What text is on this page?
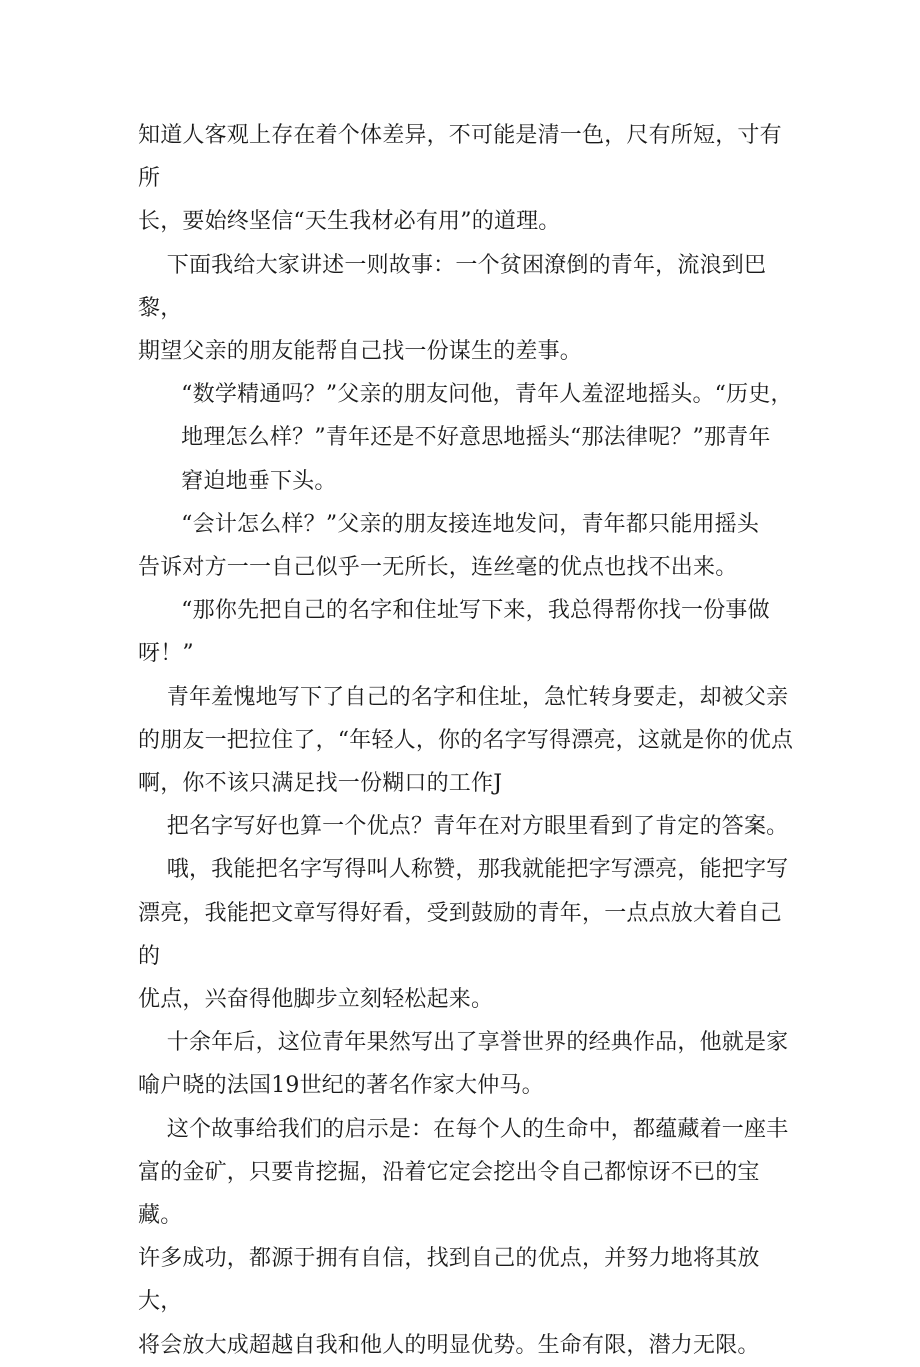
知道人客观上存在着个体差异，不可能是清一色，尺有所短，寸有所
长，要始终坚信“天生我材必有用”的道理。

下面我给大家讲述一则故事：一个贫困潦倒的青年，流浪到巴黎，
期望父亲的朋友能帮自己找一份谋生的差事。

“数学精通吗？”父亲的朋友问他，青年人羞涩地摇头。“历史，
地理怎么样？”青年还是不好意思地摇头“那法律呢？”那青年
窘迫地垂下头。

“会计怎么样？”父亲的朋友接连地发问，青年都只能用摇头
告诉对方一一自己似乎一无所长，连丝毫的优点也找不出来。

“那你先把自己的名字和住址写下来，我总得帮你找一份事做
呀！”

青年羞愧地写下了自己的名字和住址，急忙转身要走，却被父亲
的朋友一把拉住了，“年轻人，你的名字写得漂亮，这就是你的优点
啊，你不该只满足找一份糊口的工作J

把名字写好也算一个优点？青年在对方眼里看到了肯定的答案。

哦，我能把名字写得叫人称赞，那我就能把字写漂亮，能把字写
漂亮，我能把文章写得好看，受到鼓励的青年，一点点放大着自己的
优点，兴奋得他脚步立刻轻松起来。

十余年后，这位青年果然写出了享誉世界的经典作品，他就是家
喻户晓的法国19世纪的著名作家大仲马。

这个故事给我们的启示是：在每个人的生命中，都蕴藏着一座丰
富的金矿，只要肯挖掘，沿着它定会挖出令自己都惊讶不已的宝藏。
许多成功，都源于拥有自信，找到自己的优点，并努力地将其放大，
将会放大成超越自我和他人的明显优势。生命有限，潜力无限。
